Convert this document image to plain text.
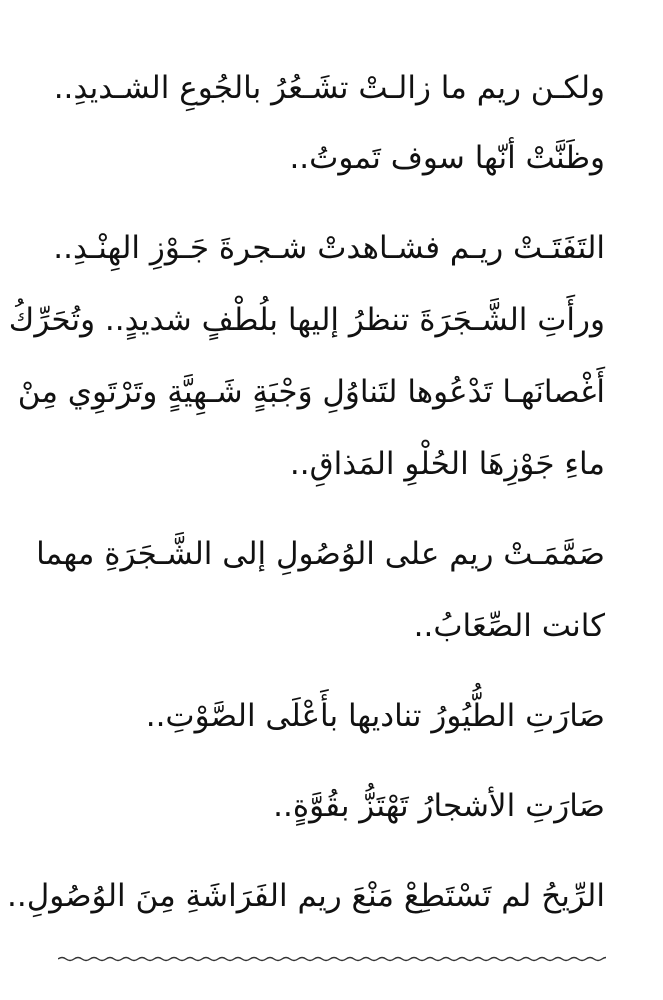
ولكـن ريم ما زالـتْ تشَـعُرُ بالجُوعِ الشـديدِ..
وظَنَّتْ أنّها سوف تَموتُ..
التَفَتَـتْ ريـم فشـاهدتْ شـجرةَ جَـوْزِ الهِنْـدِ..
ورأَتِ الشَّـجَرَةَ تنظرُ إليها بلُطْفٍ شديدٍ.. وتُحَرِّكُ
أَغْصانَهـا تَدْعُوها لتَناوُلِ وَجْبَةٍ شَـهِيَّةٍ وتَرْتَوِي مِنْ
ماءِ جَوْزِهَا الحُلْوِ المَذاقِ..
صَمَّمَـتْ ريم على الوُصُولِ إلى الشَّـجَرَةِ مهما
كانت الصِّعَابُ..
صَارَتِ الطُّيُورُ تناديها بأَعْلَى الصَّوْتِ..
صَارَتِ الأشجارُ تَهْتَزُّ بقُوَّةٍ..
الرِّيحُ لم تَسْتَطِعْ مَنْعَ ريم الفَرَاشَةِ مِنَ الوُصُولِ..
